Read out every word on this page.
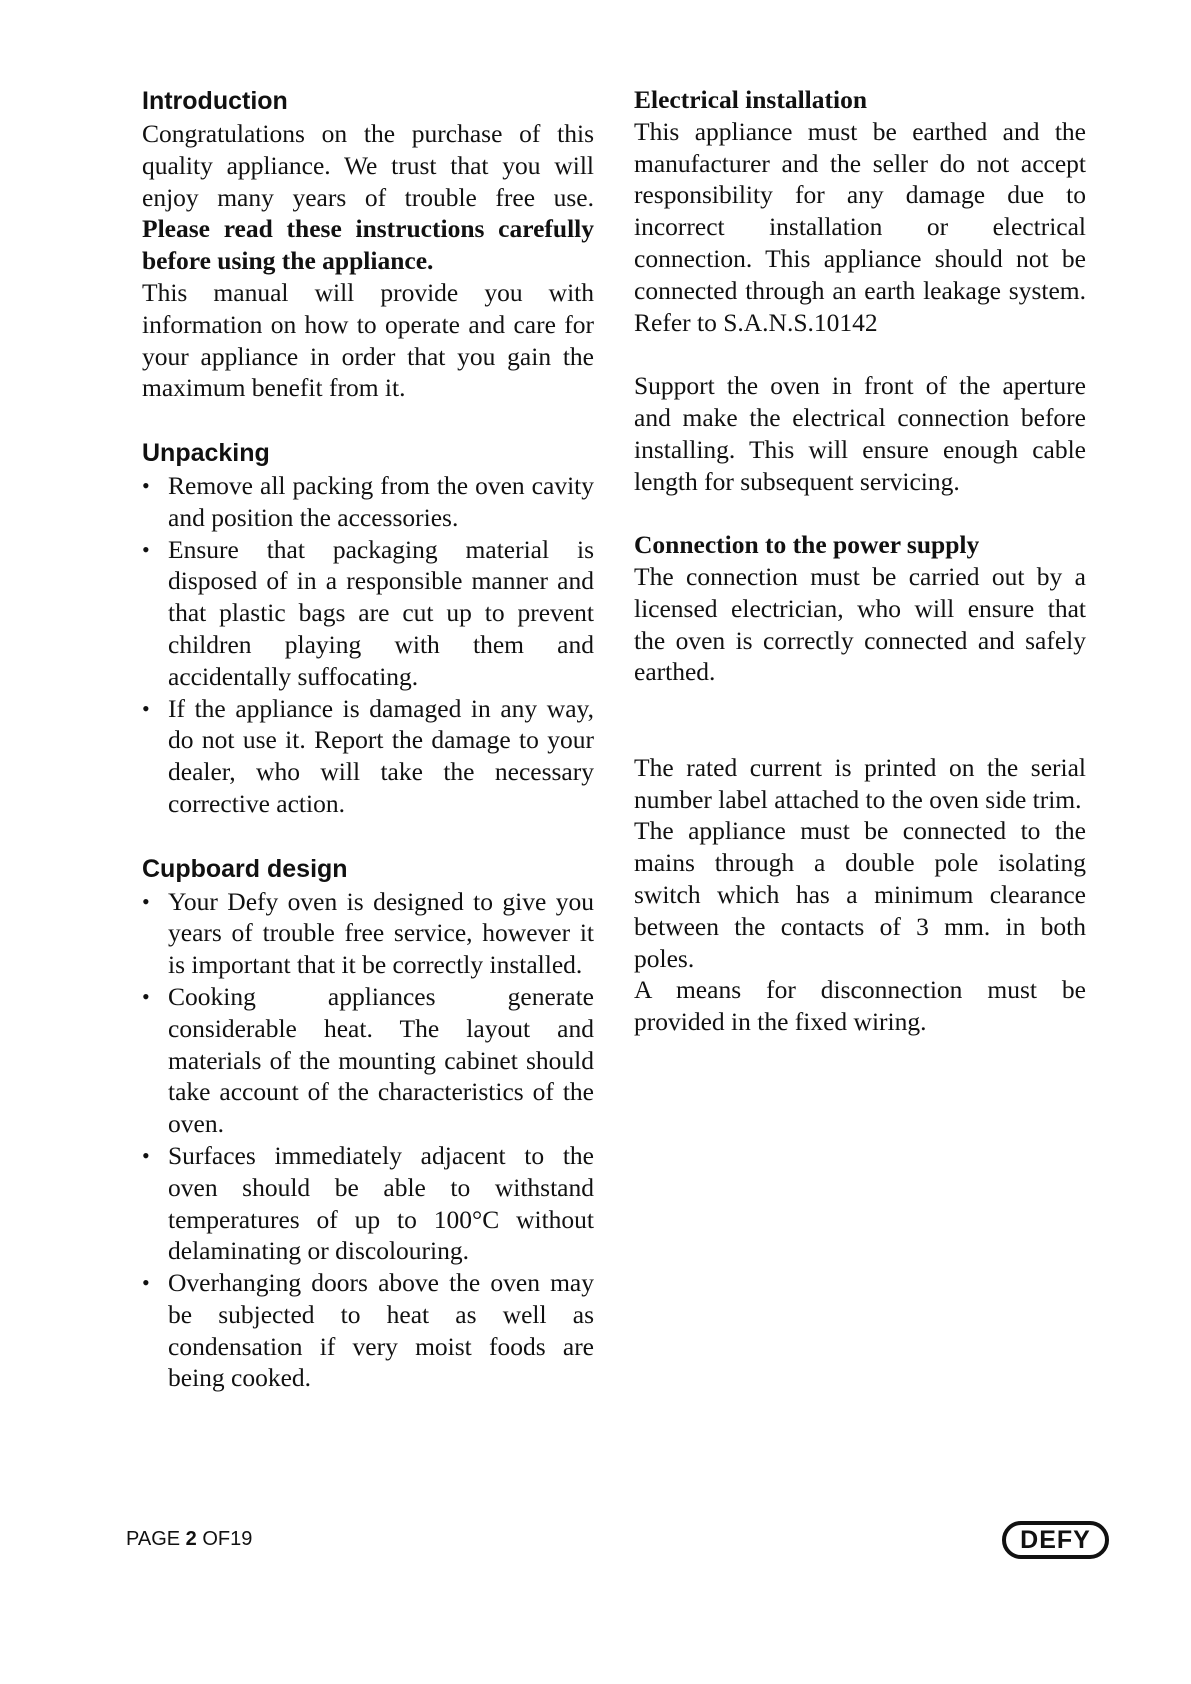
Introduction

Congratulations on the purchase of this quality appliance. We trust that you will enjoy many years of trouble free use. Please read these instructions carefully before using the appliance.

This manual will provide you with information on how to operate and care for your appliance in order that you gain the maximum benefit from it.

Unpacking
• Remove all packing from the oven cavity and position the accessories.
• Ensure that packaging material is disposed of in a responsible manner and that plastic bags are cut up to prevent children playing with them and accidentally suffocating.
• If the appliance is damaged in any way, do not use it. Report the damage to your dealer, who will take the necessary corrective action.
Cupboard design
• Your Defy oven is designed to give you years of trouble free service, however it is important that it be correctly installed.
• Cooking appliances generate considerable heat. The layout and materials of the mounting cabinet should take account of the characteristics of the oven.
• Surfaces immediately adjacent to the oven should be able to withstand temperatures of up to 100°C without delaminating or discolouring.
• Overhanging doors above the oven may be subjected to heat as well as condensation if very moist foods are being cooked.
Electrical installation

This appliance must be earthed and the manufacturer and the seller do not accept responsibility for any damage due to incorrect installation or electrical connection. This appliance should not be connected through an earth leakage system. Refer to S.A.N.S.10142

Support the oven in front of the aperture and make the electrical connection before installing. This will ensure enough cable length for subsequent servicing.

Connection to the power supply

The connection must be carried out by a licensed electrician, who will ensure that the oven is correctly connected and safely earthed.

The rated current is printed on the serial number label attached to the oven side trim.

The appliance must be connected to the mains through a double pole isolating switch which has a minimum clearance between the contacts of 3 mm. in both poles.

A means for disconnection must be provided in the fixed wiring.

PAGE 2 OF19	DEFY
